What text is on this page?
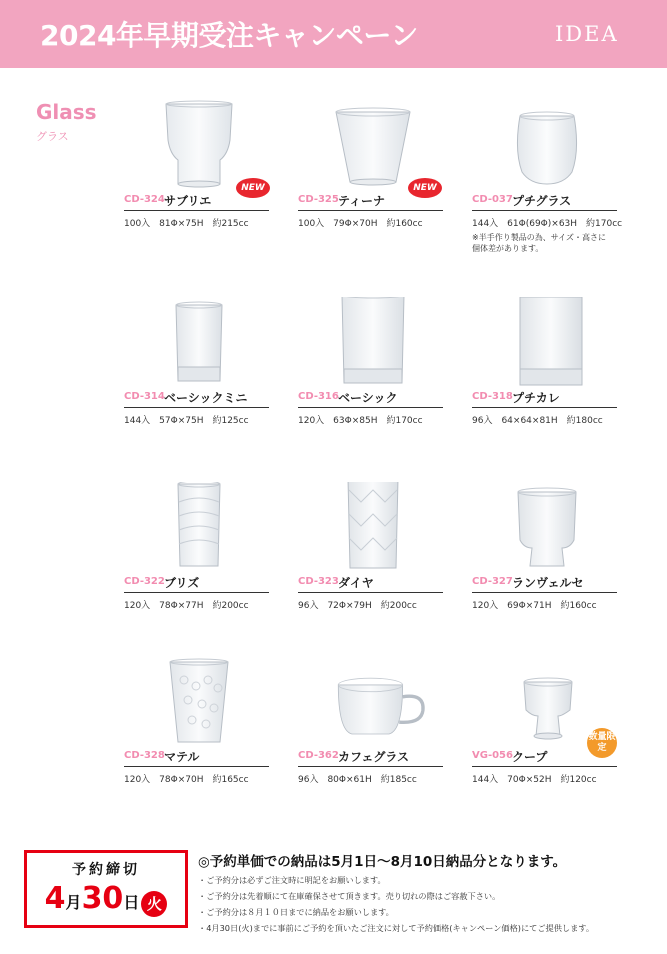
2024年早期受注キャンペーン	IDEA
Glass
グラス
CD-324 サブリエ
100入　81Φ×75H　約215cc
NEW
CD-325 ティーナ
100入　79Φ×70H　約160cc
NEW
CD-037 プチグラス
144入　61Φ(69Φ)×63H　約170cc
※半手作り製品の為、サイズ・高さに　個体差があります。
CD-314 ベーシックミニ
144入　57Φ×75H　約125cc
CD-316 ベーシック
120入　63Φ×85H　約170cc
CD-318 プチカレ
96入　64×64×81H　約180cc
CD-322 ブリズ
120入　78Φ×77H　約200cc
CD-323 ダイヤ
96入　72Φ×79H　約200cc
CD-327 ランヴェルセ
120入　69Φ×71H　約160cc
CD-328 マテル
120入　78Φ×70H　約165cc
CD-362 カフェグラス
96入　80Φ×61H　約185cc
VG-056 クープ
144入　70Φ×52H　約120cc
数量限定
予約締切
4月30日 火
◎予約単価での納品は5月1日〜8月10日納品分となります。
・ご予約分は必ずご注文時に明記をお願いします。
・ご予約分は先着順にて在庫確保させて頂きます。売り切れの際はご容赦下さい。
・ご予約分は８月１０日までに納品をお願いします。
・4月30日(火)までに事前にご予約を頂いたご注文に対して予約価格(キャンペーン価格)にてご提供します。
